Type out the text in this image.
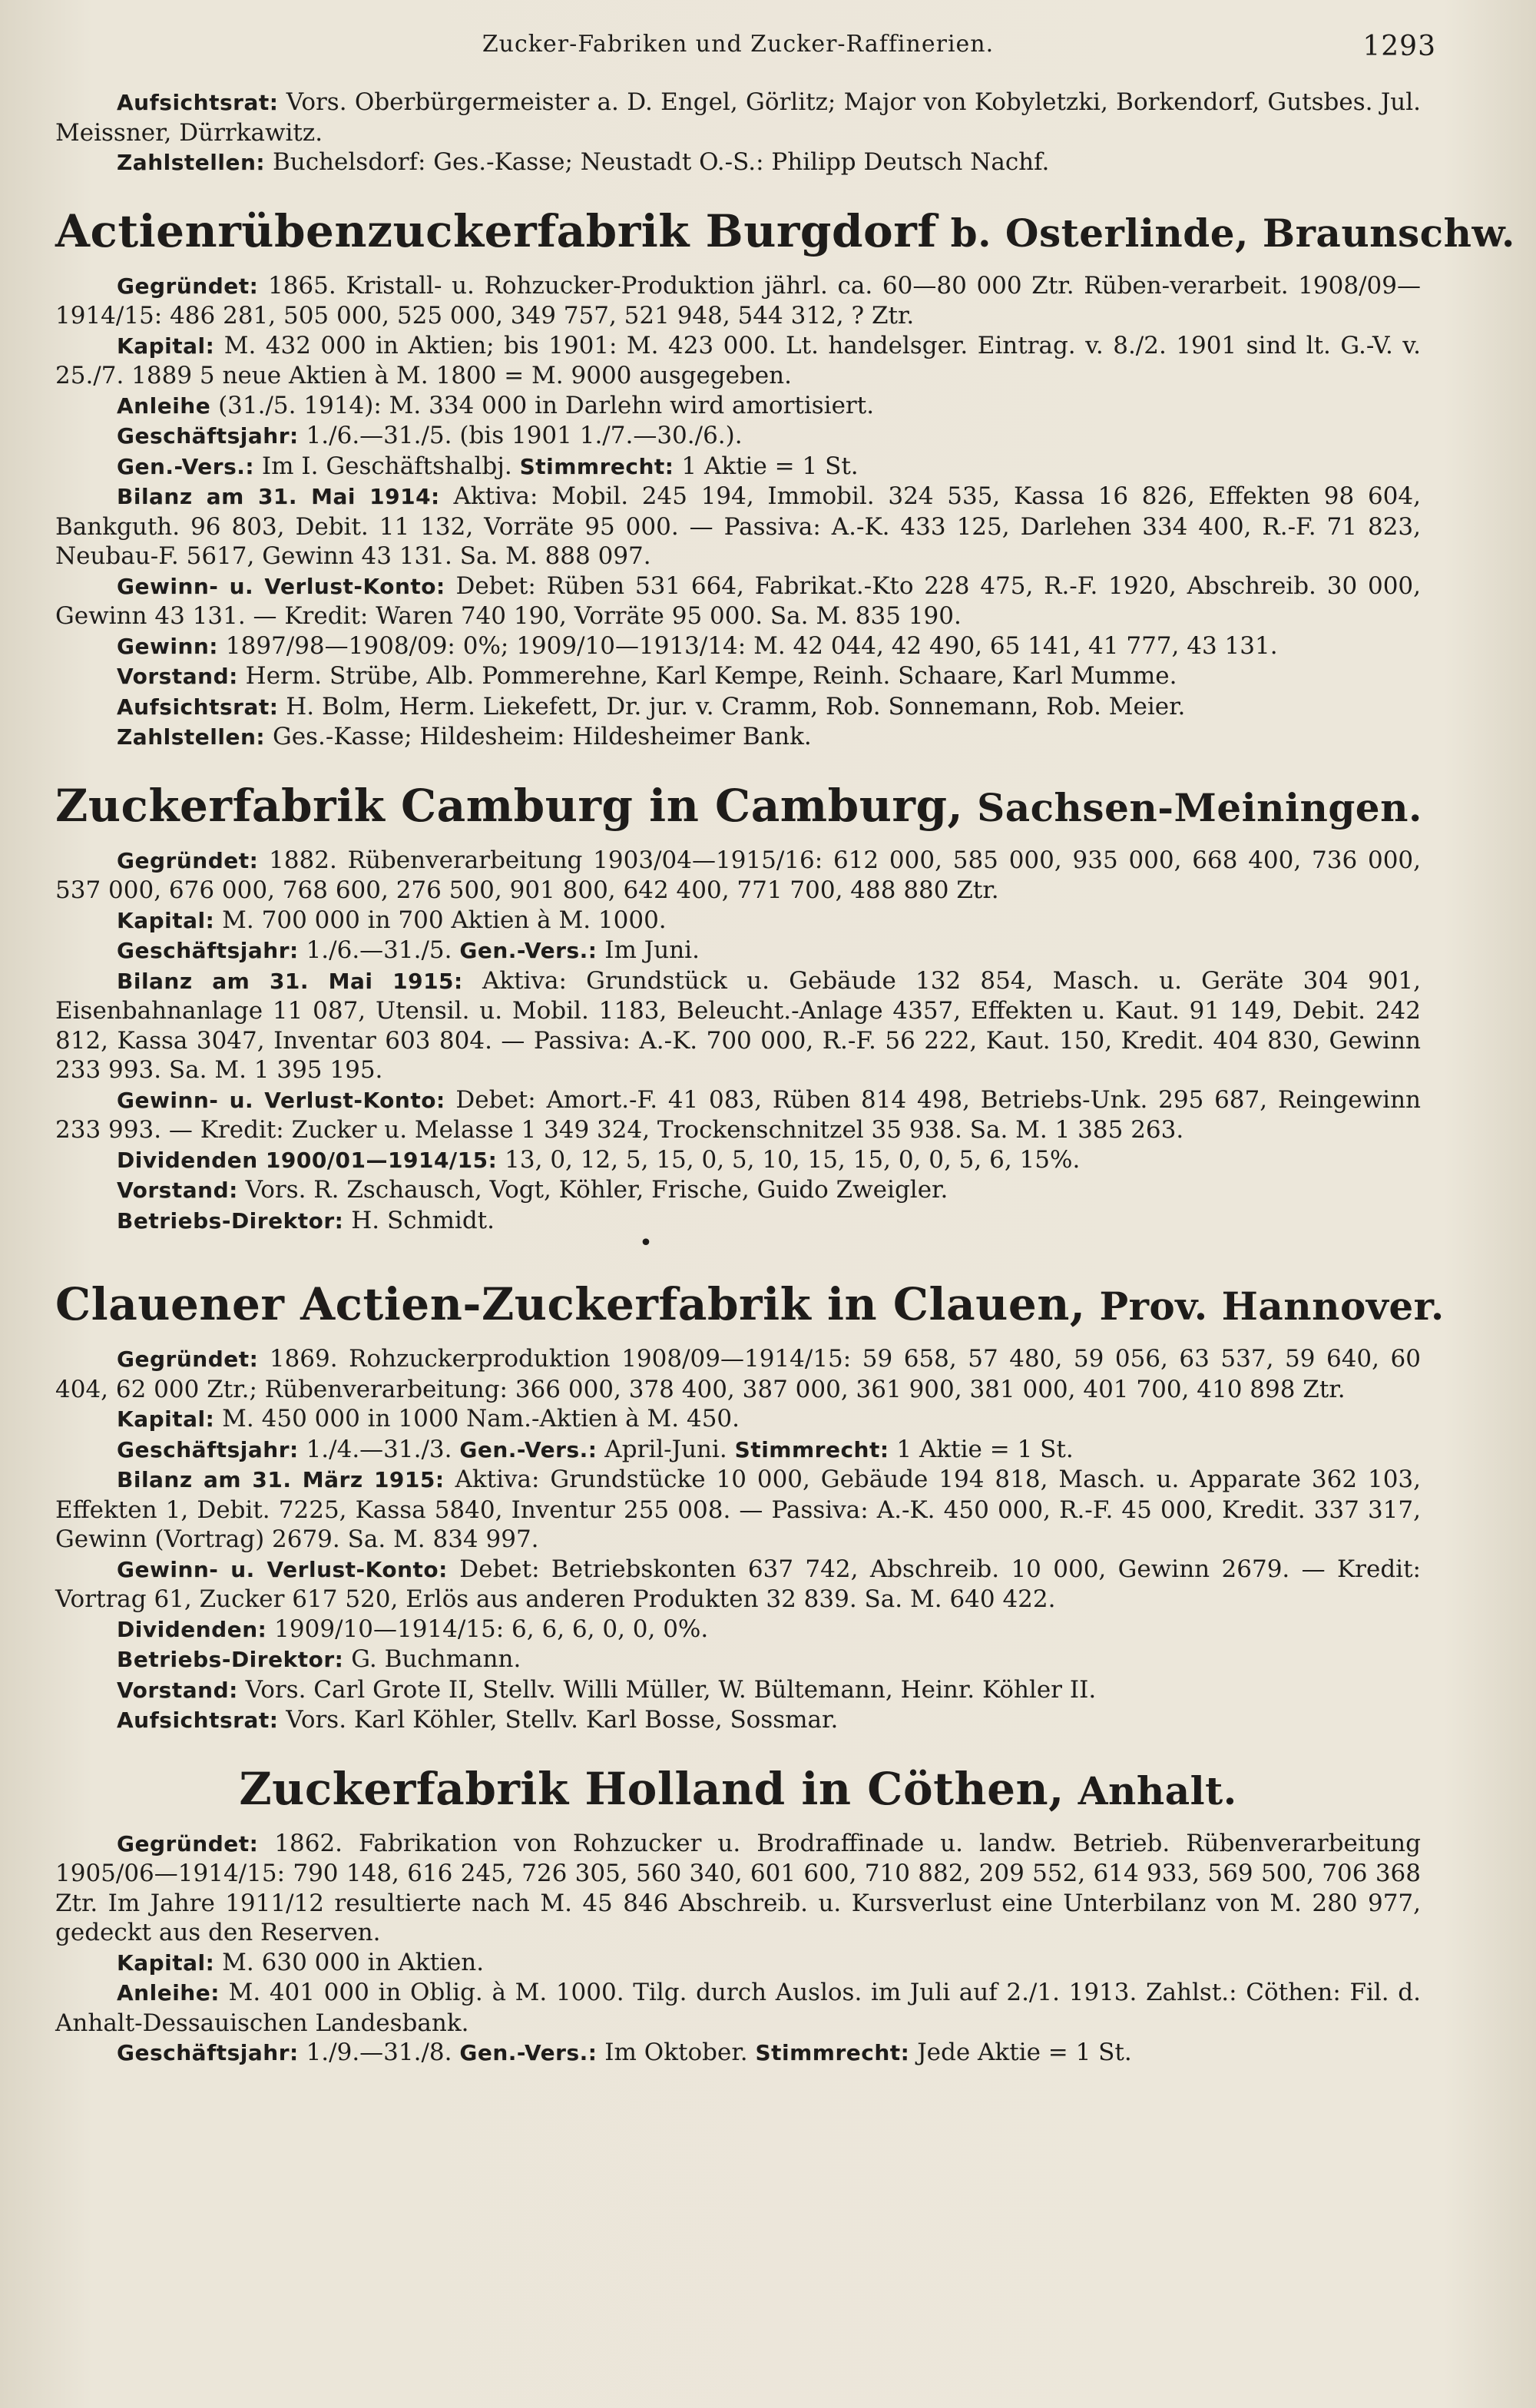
Zucker-Fabriken und Zucker-Raffinerien.	1293

Aufsichtsrat: Vors. Oberbürgermeister a. D. Engel, Görlitz; Major von Kobyletzki, Borkendorf, Gutsbes. Jul. Meissner, Dürrkawitz.

Zahlstellen: Buchelsdorf: Ges.-Kasse; Neustadt O.-S.: Philipp Deutsch Nachf.

Actienrübenzuckerfabrik Burgdorf b. Osterlinde, Braunschw.

Gegründet: 1865. Kristall- u. Rohzucker-Produktion jährl. ca. 60—80 000 Ztr. Rüben-verarbeit. 1908/09—1914/15: 486 281, 505 000, 525 000, 349 757, 521 948, 544 312, ? Ztr.

Kapital: M. 432 000 in Aktien; bis 1901: M. 423 000. Lt. handelsger. Eintrag. v. 8./2. 1901 sind lt. G.-V. v. 25./7. 1889 5 neue Aktien à M. 1800 = M. 9000 ausgegeben.

Anleihe (31./5. 1914): M. 334 000 in Darlehn wird amortisiert.

Geschäftsjahr: 1./6.—31./5. (bis 1901 1./7.—30./6.).

Gen.-Vers.: Im I. Geschäftshalbj. Stimmrecht: 1 Aktie = 1 St.

Bilanz am 31. Mai 1914: Aktiva: Mobil. 245 194, Immobil. 324 535, Kassa 16 826, Effekten 98 604, Bankguth. 96 803, Debit. 11 132, Vorräte 95 000. — Passiva: A.-K. 433 125, Darlehen 334 400, R.-F. 71 823, Neubau-F. 5617, Gewinn 43 131. Sa. M. 888 097.

Gewinn- u. Verlust-Konto: Debet: Rüben 531 664, Fabrikat.-Kto 228 475, R.-F. 1920, Abschreib. 30 000, Gewinn 43 131. — Kredit: Waren 740 190, Vorräte 95 000. Sa. M. 835 190.

Gewinn: 1897/98—1908/09: 0%; 1909/10—1913/14: M. 42 044, 42 490, 65 141, 41 777, 43 131.

Vorstand: Herm. Strübe, Alb. Pommerehne, Karl Kempe, Reinh. Schaare, Karl Mumme.

Aufsichtsrat: H. Bolm, Herm. Liekefett, Dr. jur. v. Cramm, Rob. Sonnemann, Rob. Meier.

Zahlstellen: Ges.-Kasse; Hildesheim: Hildesheimer Bank.

Zuckerfabrik Camburg in Camburg, Sachsen-Meiningen.

Gegründet: 1882. Rübenverarbeitung 1903/04—1915/16: 612 000, 585 000, 935 000, 668 400, 736 000, 537 000, 676 000, 768 600, 276 500, 901 800, 642 400, 771 700, 488 880 Ztr.

Kapital: M. 700 000 in 700 Aktien à M. 1000.

Geschäftsjahr: 1./6.—31./5. Gen.-Vers.: Im Juni.

Bilanz am 31. Mai 1915: Aktiva: Grundstück u. Gebäude 132 854, Masch. u. Geräte 304 901, Eisenbahnanlage 11 087, Utensil. u. Mobil. 1183, Beleucht.-Anlage 4357, Effekten u. Kaut. 91 149, Debit. 242 812, Kassa 3047, Inventar 603 804. — Passiva: A.-K. 700 000, R.-F. 56 222, Kaut. 150, Kredit. 404 830, Gewinn 233 993. Sa. M. 1 395 195.

Gewinn- u. Verlust-Konto: Debet: Amort.-F. 41 083, Rüben 814 498, Betriebs-Unk. 295 687, Reingewinn 233 993. — Kredit: Zucker u. Melasse 1 349 324, Trockenschnitzel 35 938. Sa. M. 1 385 263.

Dividenden 1900/01—1914/15: 13, 0, 12, 5, 15, 0, 5, 10, 15, 15, 0, 0, 5, 6, 15%.

Vorstand: Vors. R. Zschausch, Vogt, Köhler, Frische, Guido Zweigler.

Betriebs-Direktor: H. Schmidt.

•
Clauener Actien-Zuckerfabrik in Clauen, Prov. Hannover.

Gegründet: 1869. Rohzuckerproduktion 1908/09—1914/15: 59 658, 57 480, 59 056, 63 537, 59 640, 60 404, 62 000 Ztr.; Rübenverarbeitung: 366 000, 378 400, 387 000, 361 900, 381 000, 401 700, 410 898 Ztr.

Kapital: M. 450 000 in 1000 Nam.-Aktien à M. 450.

Geschäftsjahr: 1./4.—31./3. Gen.-Vers.: April-Juni. Stimmrecht: 1 Aktie = 1 St.

Bilanz am 31. März 1915: Aktiva: Grundstücke 10 000, Gebäude 194 818, Masch. u. Apparate 362 103, Effekten 1, Debit. 7225, Kassa 5840, Inventur 255 008. — Passiva: A.-K. 450 000, R.-F. 45 000, Kredit. 337 317, Gewinn (Vortrag) 2679. Sa. M. 834 997.

Gewinn- u. Verlust-Konto: Debet: Betriebskonten 637 742, Abschreib. 10 000, Gewinn 2679. — Kredit: Vortrag 61, Zucker 617 520, Erlös aus anderen Produkten 32 839. Sa. M. 640 422.

Dividenden: 1909/10—1914/15: 6, 6, 6, 0, 0, 0%.

Betriebs-Direktor: G. Buchmann.

Vorstand: Vors. Carl Grote II, Stellv. Willi Müller, W. Bültemann, Heinr. Köhler II.

Aufsichtsrat: Vors. Karl Köhler, Stellv. Karl Bosse, Sossmar.

Zuckerfabrik Holland in Cöthen, Anhalt.

Gegründet: 1862. Fabrikation von Rohzucker u. Brodraffinade u. landw. Betrieb. Rübenverarbeitung 1905/06—1914/15: 790 148, 616 245, 726 305, 560 340, 601 600, 710 882, 209 552, 614 933, 569 500, 706 368 Ztr. Im Jahre 1911/12 resultierte nach M. 45 846 Abschreib. u. Kursverlust eine Unterbilanz von M. 280 977, gedeckt aus den Reserven.

Kapital: M. 630 000 in Aktien.

Anleihe: M. 401 000 in Oblig. à M. 1000. Tilg. durch Auslos. im Juli auf 2./1. 1913. Zahlst.: Cöthen: Fil. d. Anhalt-Dessauischen Landesbank.

Geschäftsjahr: 1./9.—31./8. Gen.-Vers.: Im Oktober. Stimmrecht: Jede Aktie = 1 St.
